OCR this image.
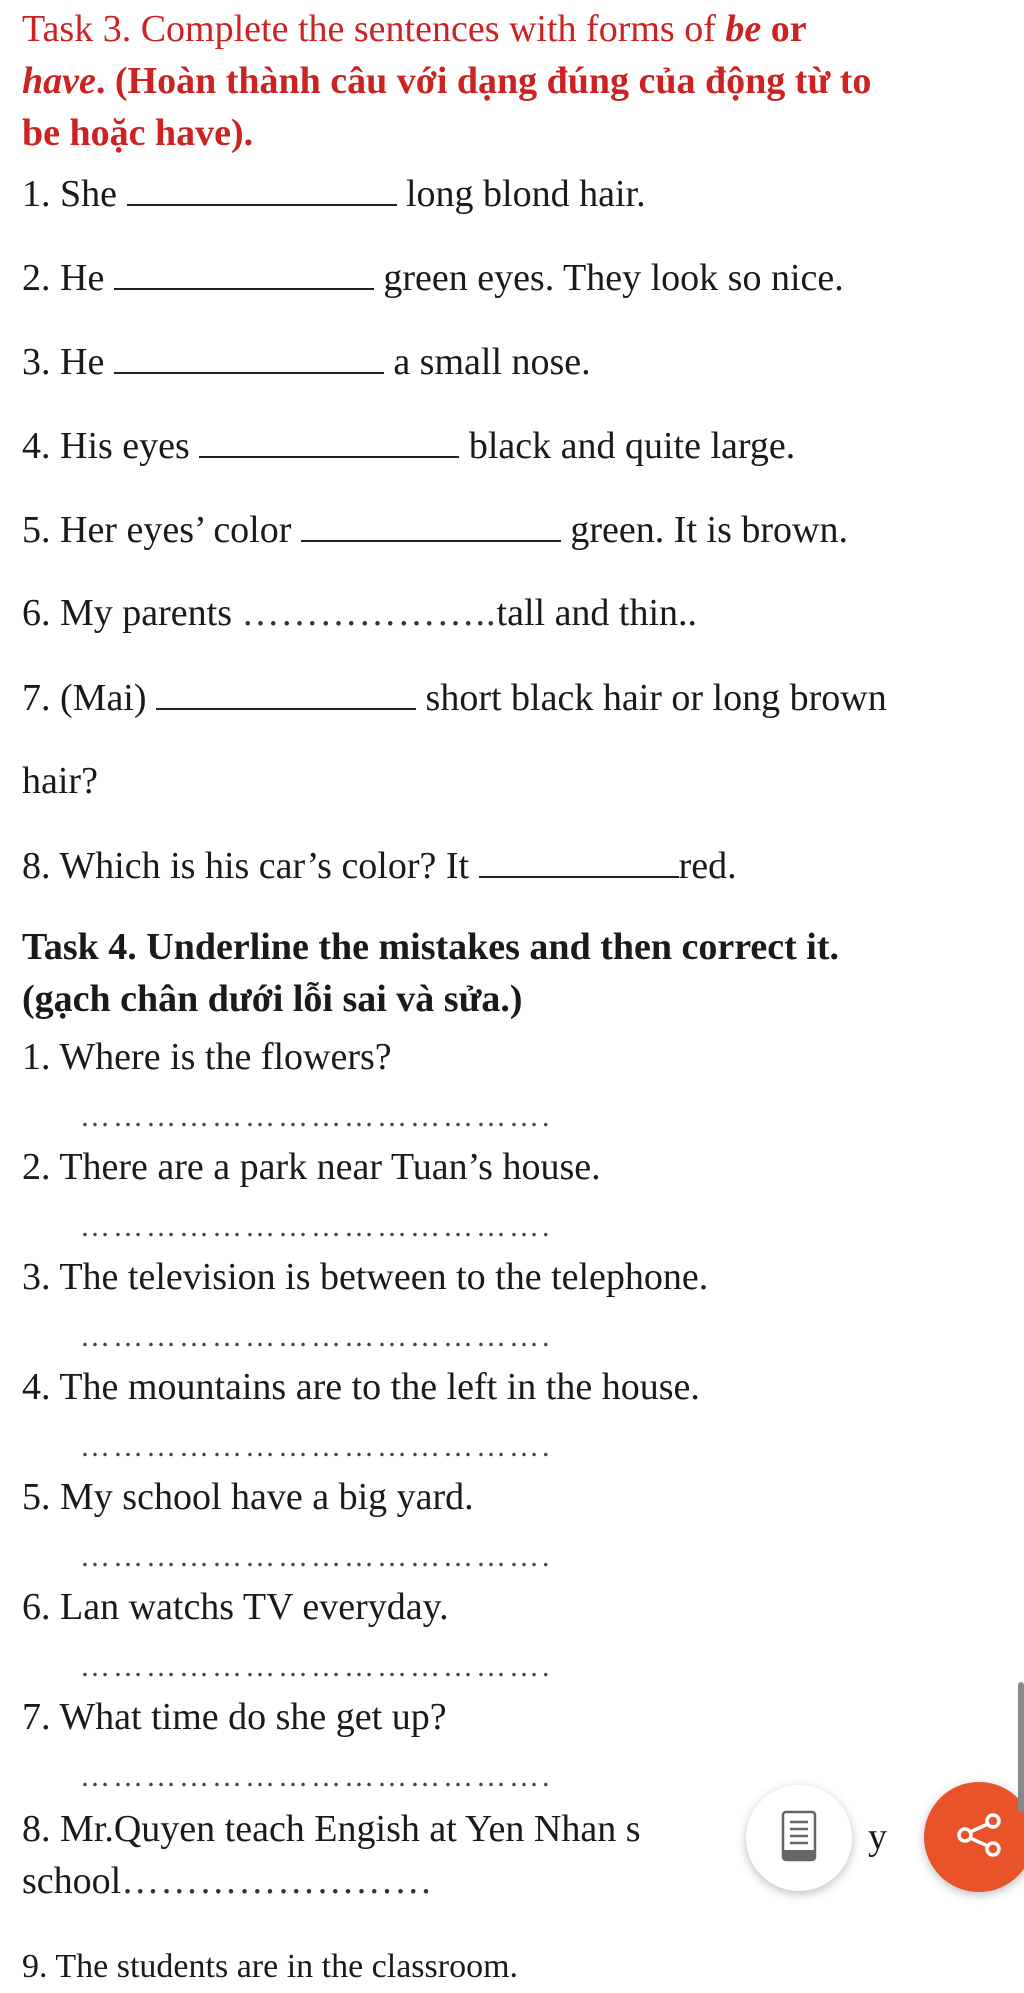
Task 3. Complete the sentences with forms of be or
have. (Hoàn thành câu với dạng đúng của động từ to
be hoặc have).
1. She	long blond hair.
2. He	green eyes. They look so nice.
3. He	a small nose.
4. His eyes	black and quite large.
5. Her eyes’ color	green. It is brown.
6. My parents ………………..tall and thin..
7. (Mai)	short black hair or long brown
hair?
8. Which is his car’s color? It	red.
Task 4. Underline the mistakes and then correct it.
(gạch chân dưới lỗi sai và sửa.)
1. Where is the flowers?
…………………………………….
2. There are a park near Tuan’s house.
…………………………………….
3. The television is between to the telephone.
…………………………………….
4. The mountains are to the left in the house.
…………………………………….
5. My school have a big yard.
…………………………………….
6. Lan watchs TV everyday.
…………………………………….
7. What time do she get up?
…………………………………….
8. Mr.Quyen teach Engish at Yen Nhan s	y
school……………………
9. The students are in the classroom.
